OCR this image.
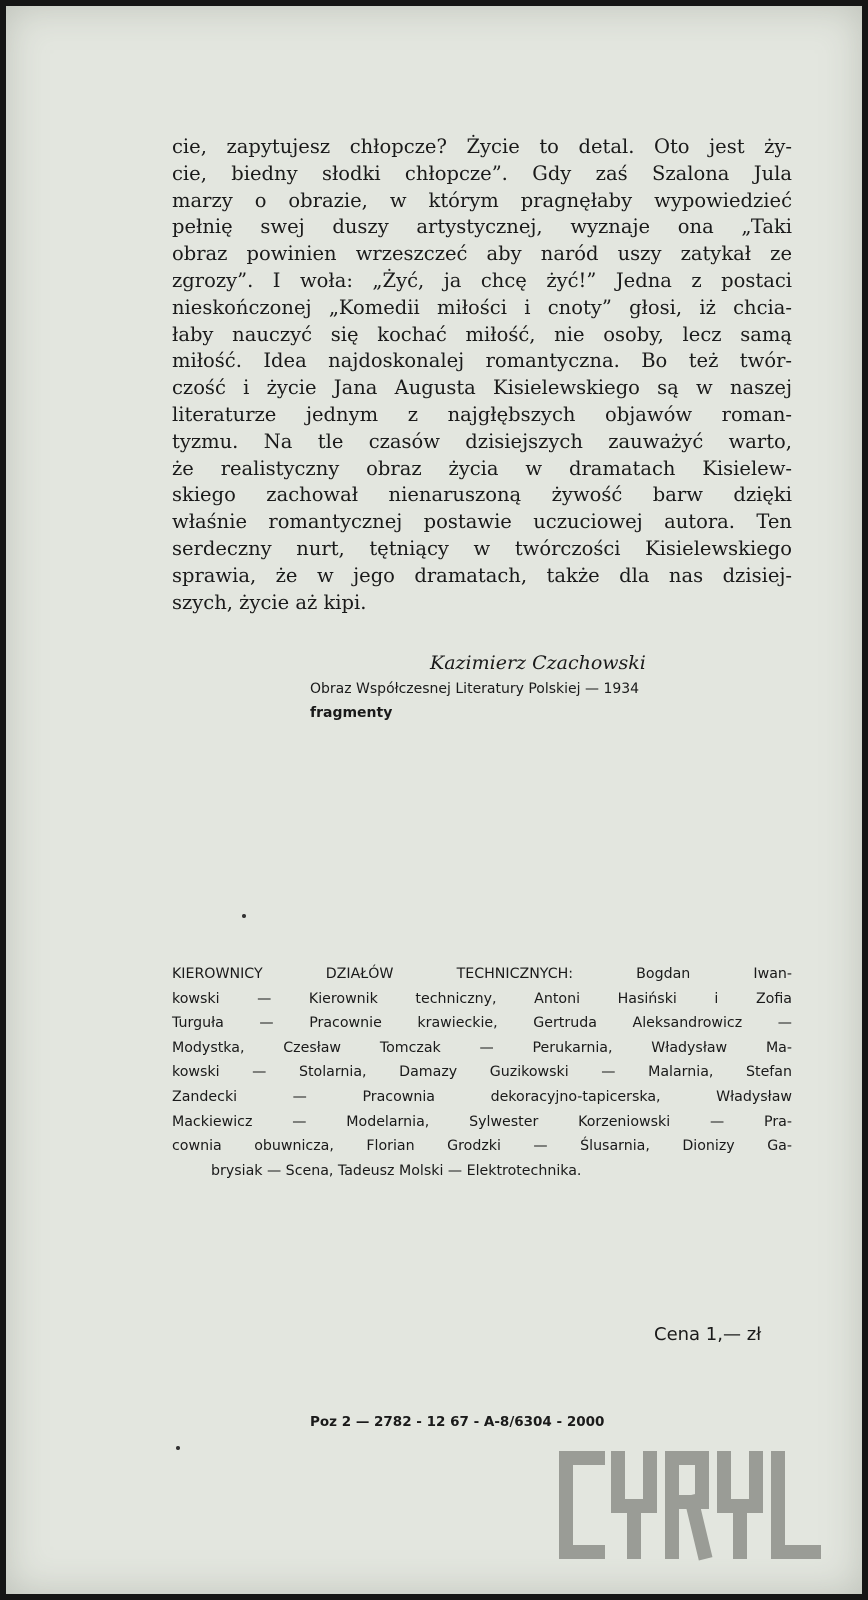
cie, zapytujesz chłopcze? Życie to detal. Oto jest ży-
cie, biedny słodki chłopcze”. Gdy zaś Szalona Jula
marzy o obrazie, w którym pragnęłaby wypowiedzieć
pełnię swej duszy artystycznej, wyznaje ona „Taki
obraz powinien wrzeszczeć aby naród uszy zatykał ze
zgrozy”. I woła: „Żyć, ja chcę żyć!” Jedna z postaci
nieskończonej „Komedii miłości i cnoty” głosi, iż chcia-
łaby nauczyć się kochać miłość, nie osoby, lecz samą
miłość. Idea najdoskonalej romantyczna. Bo też twór-
czość i życie Jana Augusta Kisielewskiego są w naszej
literaturze jednym z najgłębszych objawów roman-
tyzmu. Na tle czasów dzisiejszych zauważyć warto,
że realistyczny obraz życia w dramatach Kisielew-
skiego zachował nienaruszoną żywość barw dzięki
właśnie romantycznej postawie uczuciowej autora. Ten
serdeczny nurt, tętniący w twórczości Kisielewskiego
sprawia, że w jego dramatach, także dla nas dzisiej-
szych, życie aż kipi.
Kazimierz Czachowski
Obraz Współczesnej Literatury Polskiej — 1934
fragmenty
KIEROWNICY DZIAŁÓW TECHNICZNYCH: Bogdan Iwan-
kowski — Kierownik techniczny, Antoni Hasiński i Zofia
Turguła — Pracownie krawieckie, Gertruda Aleksandrowicz —
Modystka, Czesław Tomczak — Perukarnia, Władysław Ma-
kowski — Stolarnia, Damazy Guzikowski — Malarnia, Stefan
Zandecki — Pracownia dekoracyjno-tapicerska, Władysław
Mackiewicz — Modelarnia, Sylwester Korzeniowski — Pra-
cownia obuwnicza, Florian Grodzki — Ślusarnia, Dionizy Ga-
brysiak — Scena, Tadeusz Molski — Elektrotechnika.
Cena 1,— zł
Poz 2 — 2782 - 12 67 - A-8/6304 - 2000
